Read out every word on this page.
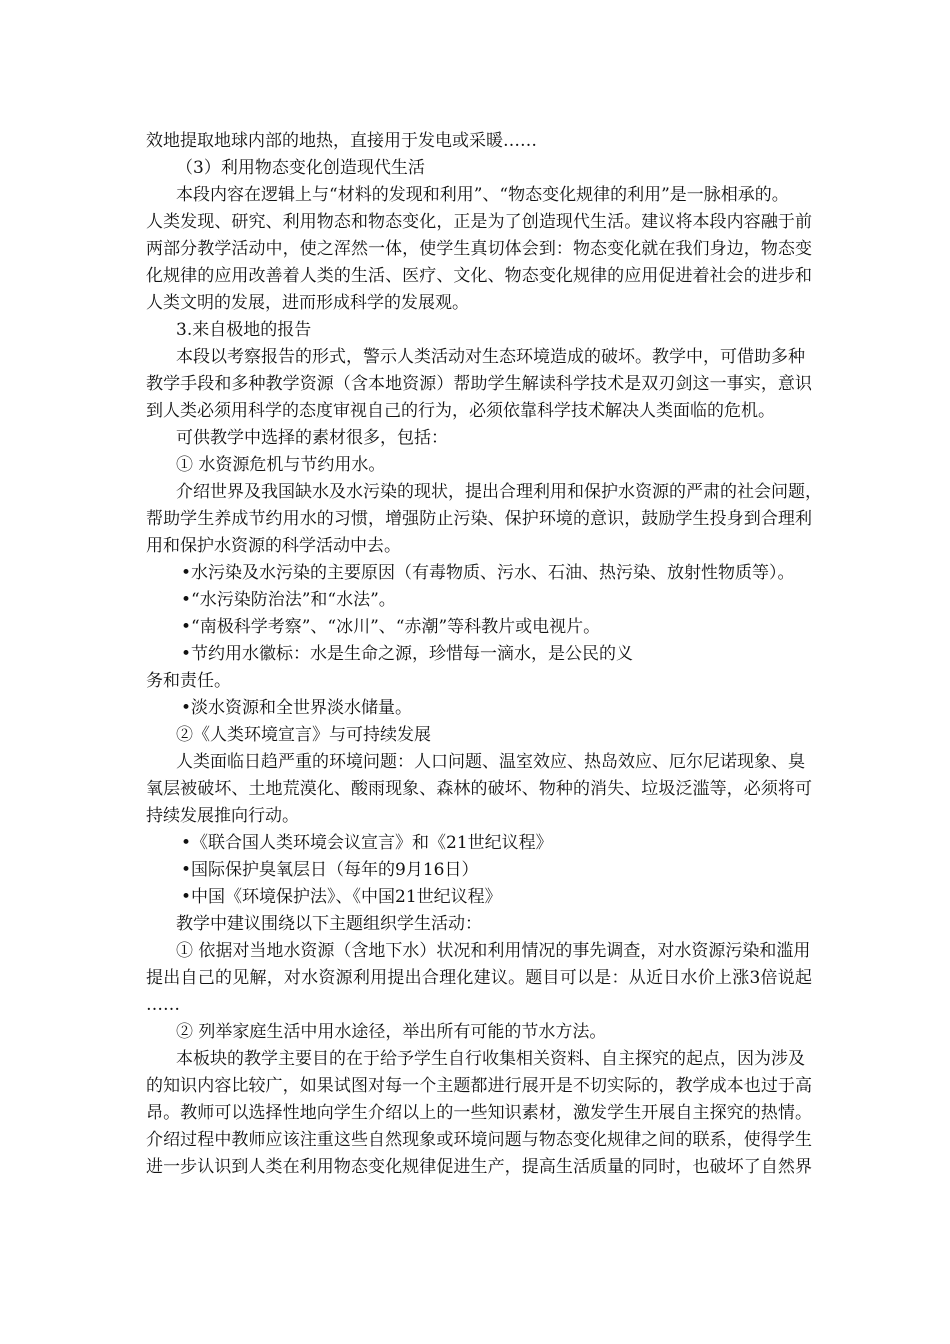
效地提取地球内部的地热，直接用于发电或采暖……
（3）利用物态变化创造现代生活
本段内容在逻辑上与“材料的发现和利用”、“物态变化规律的利用”是一脉相承的。
人类发现、研究、利用物态和物态变化，正是为了创造现代生活。建议将本段内容融于前
两部分教学活动中，使之浑然一体，使学生真切体会到：物态变化就在我们身边，物态变
化规律的应用改善着人类的生活、医疗、文化、物态变化规律的应用促进着社会的进步和
人类文明的发展，进而形成科学的发展观。
3.来自极地的报告
本段以考察报告的形式，警示人类活动对生态环境造成的破坏。教学中，可借助多种
教学手段和多种教学资源（含本地资源）帮助学生解读科学技术是双刃剑这一事实，意识
到人类必须用科学的态度审视自己的行为，必须依靠科学技术解决人类面临的危机。
可供教学中选择的素材很多，包括：
① 水资源危机与节约用水。
介绍世界及我国缺水及水污染的现状，提出合理利用和保护水资源的严肃的社会问题，
帮助学生养成节约用水的习惯，增强防止污染、保护环境的意识，鼓励学生投身到合理利
用和保护水资源的科学活动中去。
•水污染及水污染的主要原因（有毒物质、污水、石油、热污染、放射性物质等）。
•“水污染防治法”和“水法”。
•“南极科学考察”、“冰川”、“赤潮”等科教片或电视片。
•节约用水徽标：水是生命之源，珍惜每一滴水，是公民的义
务和责任。
•淡水资源和全世界淡水储量。
②《人类环境宣言》与可持续发展
人类面临日趋严重的环境问题：人口问题、温室效应、热岛效应、厄尔尼诺现象、臭
氧层被破坏、土地荒漠化、酸雨现象、森林的破坏、物种的消失、垃圾泛滥等，必须将可
持续发展推向行动。
•《联合国人类环境会议宣言》和《21世纪议程》
•国际保护臭氧层日（每年的9月16日）
•中国《环境保护法》、《中国21世纪议程》
教学中建议围绕以下主题组织学生活动：
① 依据对当地水资源（含地下水）状况和利用情况的事先调查，对水资源污染和滥用
提出自己的见解，对水资源利用提出合理化建议。题目可以是：从近日水价上涨3倍说起
……
② 列举家庭生活中用水途径，举出所有可能的节水方法。
本板块的教学主要目的在于给予学生自行收集相关资料、自主探究的起点，因为涉及
的知识内容比较广，如果试图对每一个主题都进行展开是不切实际的，教学成本也过于高
昂。教师可以选择性地向学生介绍以上的一些知识素材，激发学生开展自主探究的热情。
介绍过程中教师应该注重这些自然现象或环境问题与物态变化规律之间的联系，使得学生
进一步认识到人类在利用物态变化规律促进生产，提高生活质量的同时，也破坏了自然界
